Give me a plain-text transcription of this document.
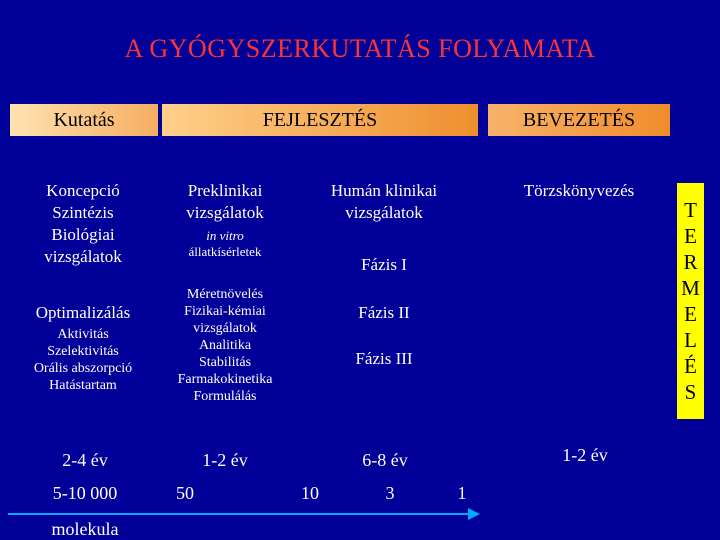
A GYÓGYSZERKUTATÁS FOLYAMATA
Kutatás	FEJLESZTÉS	BEVEZETÉS
Koncepció
Szintézis
Biológiai
vizsgálatok
Optimalizálás
Aktivitás
Szelektivitás
Orális abszorpció
Hatástartam
Preklinikai
vizsgálatok
in vitro
állatkísérletek
Méretnövelés
Fizikai-kémiai
vizsgálatok
Analitika
Stabilitás
Farmakokinetika
Formulálás
Humán klinikai
vizsgálatok
Fázis I
Fázis II
Fázis III
Törzskönyvezés
T
E
R
M
E
L
É
S
2-4 év	1-2 év	6-8 év	1-2 év
5-10 000	50	10	3	1
molekula
